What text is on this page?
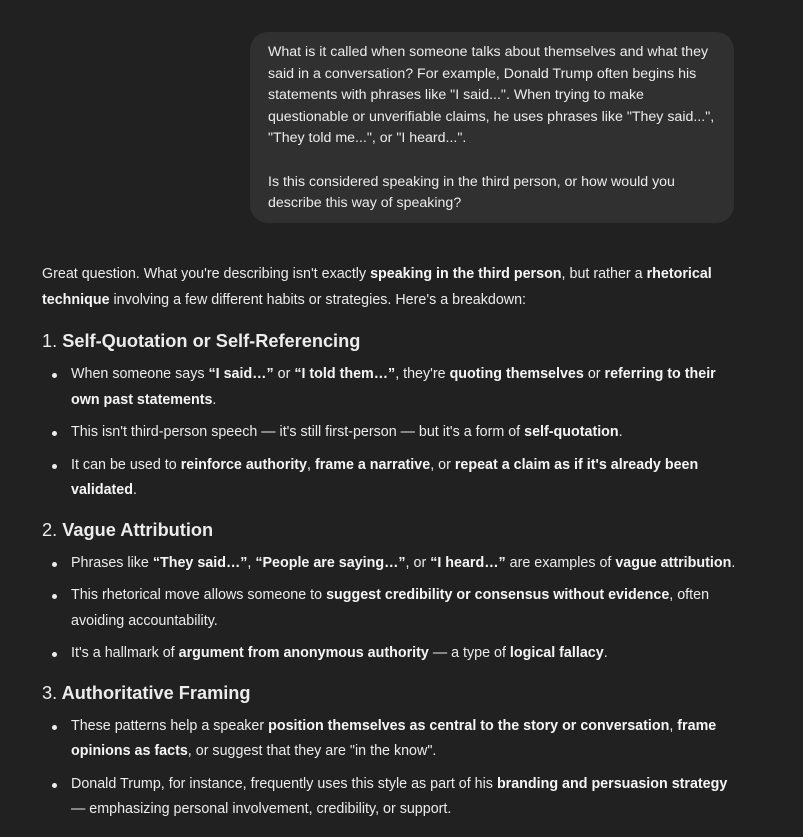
What is it called when someone talks about themselves and what they said in a conversation? For example, Donald Trump often begins his statements with phrases like "I said...". When trying to make questionable or unverifiable claims, he uses phrases like "They said...", "They told me...", or "I heard...".

Is this considered speaking in the third person, or how would you describe this way of speaking?

Great question. What you're describing isn't exactly speaking in the third person, but rather a rhetorical technique involving a few different habits or strategies. Here's a breakdown:

1. Self-Quotation or Self-Referencing
When someone says “I said…” or “I told them…”, they're quoting themselves or referring to their own past statements.
This isn't third-person speech — it's still first-person — but it's a form of self-quotation.
It can be used to reinforce authority, frame a narrative, or repeat a claim as if it's already been validated.
2. Vague Attribution
Phrases like “They said…”, “People are saying…”, or “I heard…” are examples of vague attribution.
This rhetorical move allows someone to suggest credibility or consensus without evidence, often avoiding accountability.
It's a hallmark of argument from anonymous authority — a type of logical fallacy.
3. Authoritative Framing
These patterns help a speaker position themselves as central to the story or conversation, frame opinions as facts, or suggest that they are "in the know".
Donald Trump, for instance, frequently uses this style as part of his branding and persuasion strategy — emphasizing personal involvement, credibility, or support.
